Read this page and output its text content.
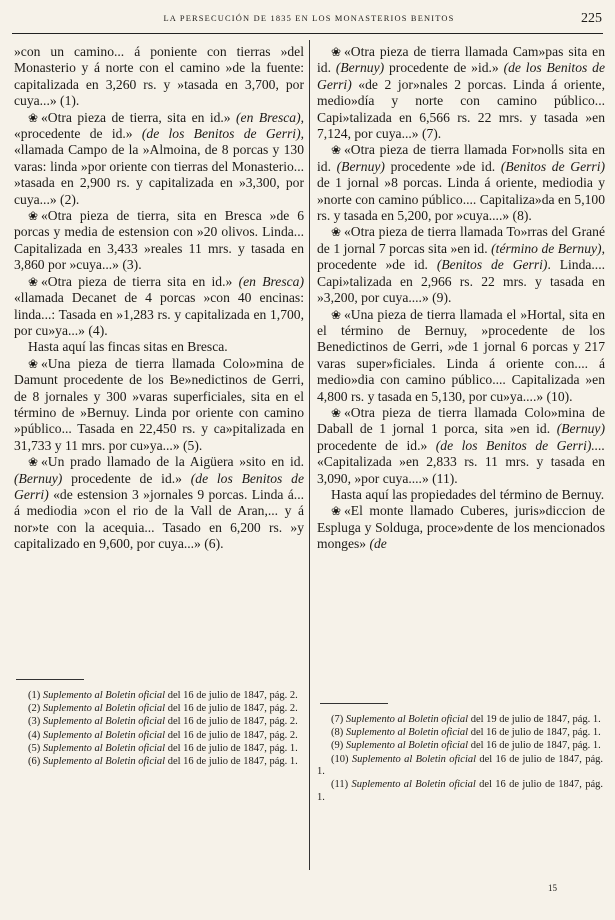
LA PERSECUCIÓN DE 1835 EN LOS MONASTERIOS BENITOS	225

»con un camino... á poniente con tierras »del Monasterio y á norte con el camino »de la fuente: capitalizada en 3,260 rs. y »tasada en 3,700, por cuya...» (1).

❀ «Otra pieza de tierra, sita en id.» (en Bresca), «procedente de id.» (de los Benitos de Gerri), «llamada Campo de la »Almoina, de 8 porcas y 130 varas: linda »por oriente con tierras del Monasterio... »tasada en 2,900 rs. y capitalizada en »3,300, por cuya...» (2).

❀ «Otra pieza de tierra, sita en Bresca »de 6 porcas y media de estension con »20 olivos. Linda... Capitalizada en 3,433 »reales 11 mrs. y tasada en 3,860 por »cuya...» (3).

❀ «Otra pieza de tierra sita en id.» (en Bresca) «llamada Decanet de 4 porcas »con 40 encinas: linda...: Tasada en »1,283 rs. y capitalizada en 1,700, por cu»ya...» (4).

Hasta aquí las fincas sitas en Bresca.

❀ «Una pieza de tierra llamada Colo»mina de Damunt procedente de los Be»nedictinos de Gerri, de 8 jornales y 300 »varas superficiales, sita en el término de »Bernuy. Linda por oriente con camino »público... Tasada en 22,450 rs. y ca»pitalizada en 31,733 y 11 mrs. por cu»ya...» (5).

❀ «Un prado llamado de la Aigüera »sito en id. (Bernuy) procedente de id.» (de los Benitos de Gerri) «de estension 3 »jornales 9 porcas. Linda á... á mediodia »con el rio de la Vall de Aran,... y á nor»te con la acequia... Tasado en 6,200 rs. »y capitalizado en 9,600, por cuya...» (6).

❀ «Otra pieza de tierra llamada Cam»pas sita en id. (Bernuy) procedente de »id.» (de los Benitos de Gerri) «de 2 jor»nales 2 porcas. Linda á oriente, medio»día y norte con camino público... Capi»talizada en 6,566 rs. 22 mrs. y tasada »en 7,124, por cuya...» (7).

❀ «Otra pieza de tierra llamada For»nolls sita en id. (Bernuy) procedente »de id. (Benitos de Gerri) de 1 jornal »8 porcas. Linda á oriente, mediodia y »norte con camino público.... Capitaliza»da en 5,100 rs. y tasada en 5,200, por »cuya....» (8).

❀ «Otra pieza de tierra llamada To»rras del Grané de 1 jornal 7 porcas sita »en id. (término de Bernuy), procedente »de id. (Benitos de Gerri). Linda.... Capi»talizada en 2,966 rs. 22 mrs. y tasada en »3,200, por cuya....» (9).

❀ «Una pieza de tierra llamada el »Hortal, sita en el término de Bernuy, »procedente de los Benedictinos de Gerri, »de 1 jornal 6 porcas y 217 varas super»ficiales. Linda á oriente con.... á medio»dia con camino público.... Capitalizada »en 4,800 rs. y tasada en 5,130, por cu»ya....» (10).

❀ «Otra pieza de tierra llamada Colo»mina de Daball de 1 jornal 1 porca, sita »en id. (Bernuy) procedente de id.» (de los Benitos de Gerri).... «Capitalizada »en 2,833 rs. 11 mrs. y tasada en 3,090, »por cuya....» (11).

Hasta aquí las propiedades del término de Bernuy.

❀ «El monte llamado Cuberes, juris»diccion de Espluga y Solduga, proce»dente de los mencionados monges» (de

(1) Suplemento al Boletin oficial del 16 de julio de 1847, pág. 2.

(2) Suplemento al Boletin oficial del 16 de julio de 1847, pág. 2.

(3) Suplemento al Boletin oficial del 16 de julio de 1847, pág. 2.

(4) Suplemento al Boletin oficial del 16 de julio de 1847, pág. 2.

(5) Suplemento al Boletin oficial del 16 de julio de 1847, pág. 1.

(6) Suplemento al Boletin oficial del 16 de julio de 1847, pág. 1.

(7) Suplemento al Boletin oficial del 19 de julio de 1847, pág. 1.

(8) Suplemento al Boletin oficial del 16 de julio de 1847, pág. 1.

(9) Suplemento al Boletin oficial del 16 de julio de 1847, pág. 1.

(10) Suplemento al Boletin oficial del 16 de julio de 1847, pág. 1.

(11) Suplemento al Boletin oficial del 16 de julio de 1847, pág. 1.

15
